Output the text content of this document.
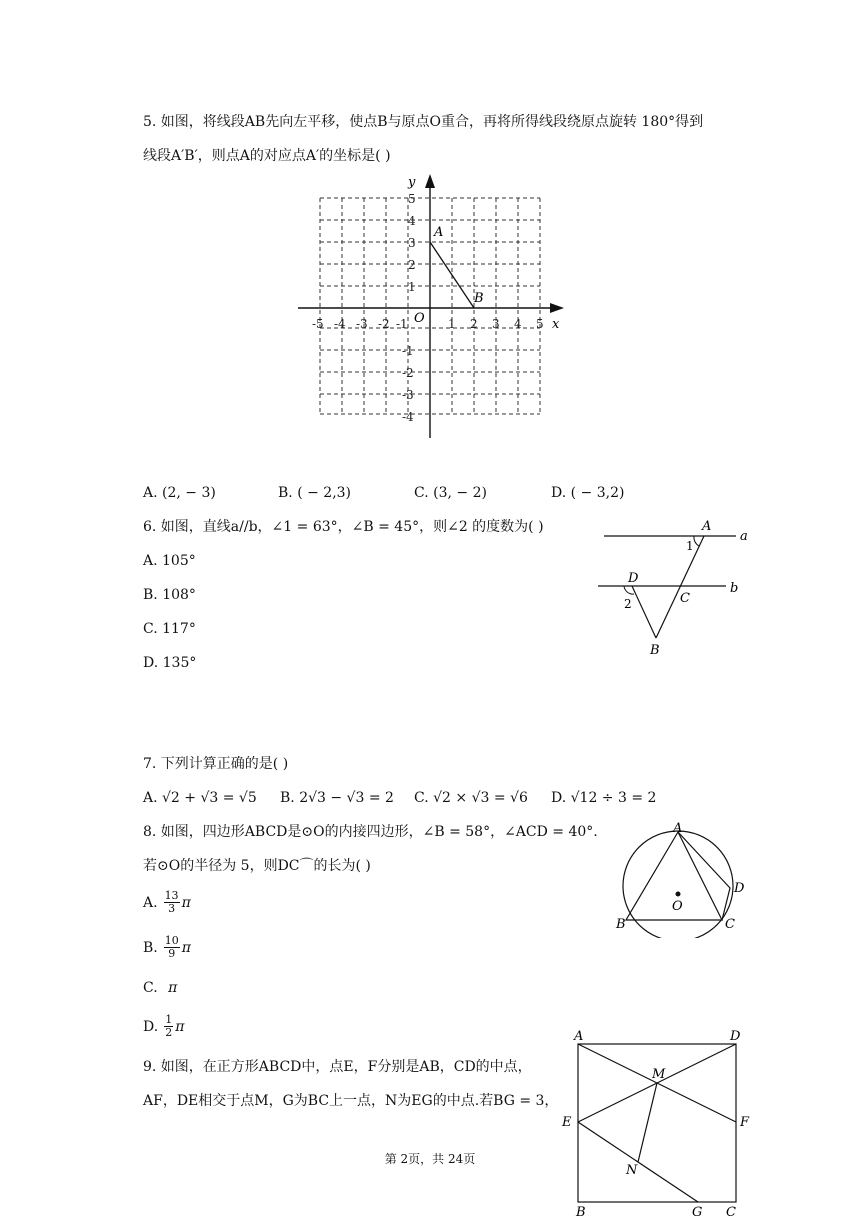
5. 如图，将线段AB先向左平移，使点B与原点O重合，再将所得线段绕原点旋转 180°得到
线段A′B′，则点A的对应点A′的坐标是( )
y
x
O
A
B
-5 -4 -3 -2 -1	1 2 3 4 5
5
4
3
2
1
-1
-2
-3
-4
A. (2, − 3)	B. ( − 2,3)	C. (3, − 2)	D. ( − 3,2)
6. 如图，直线a//b，∠1 = 63°，∠B = 45°，则∠2 的度数为( )
A. 105°
B. 108°
C. 117°
D. 135°
A
B
C
D
a
b
1
2
7. 下列计算正确的是( )
A. √2 + √3 = √5 B. 2√3 − √3 = 2 C. √2 × √3 = √6 D. √12 ÷ 3 = 2
8. 如图，四边形ABCD是⊙O的内接四边形，∠B = 58°，∠ACD = 40°.
若⊙O的半径为 5，则DC⌒的长为( )
A. 13
3 π
B. 10
9 π
C. π
D. 1
2 π
A
B	C
D
O
9. 如图，在正方形ABCD中，点E，F分别是AB，CD的中点，
AF，DE相交于点M，G为BC上一点，N为EG的中点.若BG = 3，
A
B	C
D
E	F
G
M
N
第 2页，共 24页
